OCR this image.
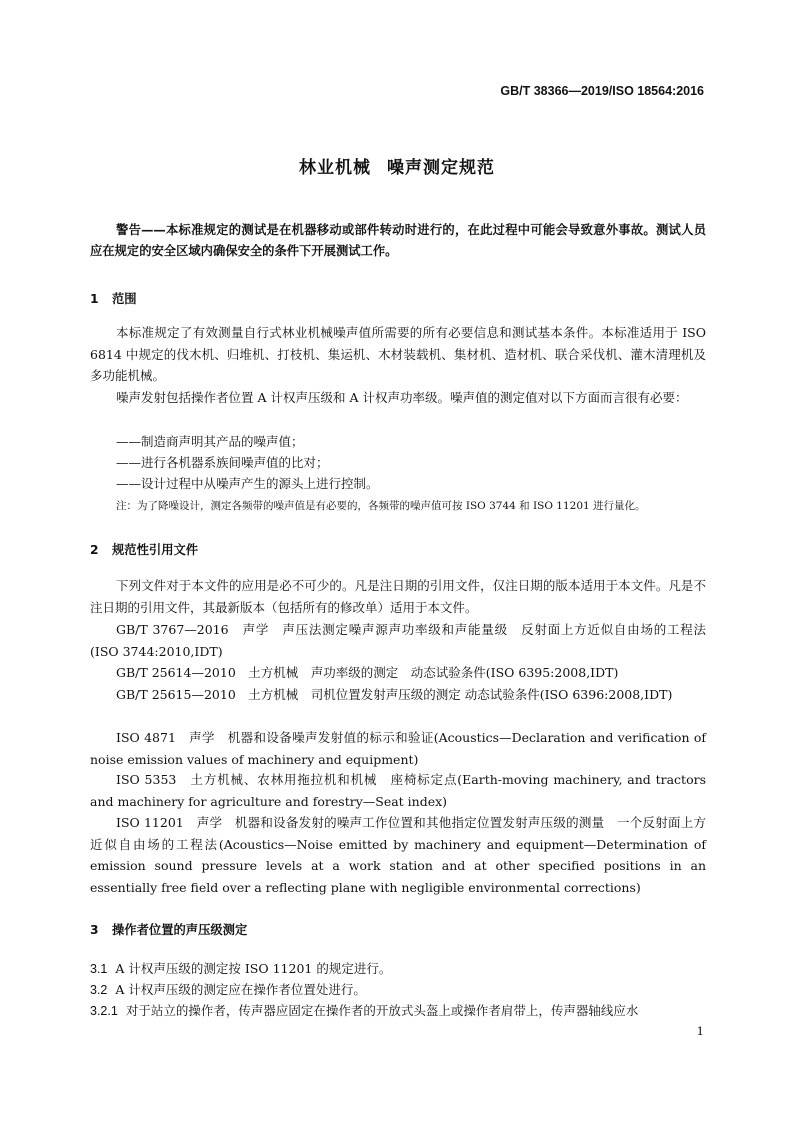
GB/T 38366—2019/ISO 18564:2016
林业机械 噪声测定规范
警告——本标准规定的测试是在机器移动或部件转动时进行的，在此过程中可能会导致意外事故。测试人员应在规定的安全区域内确保安全的条件下开展测试工作。
1 范围
本标准规定了有效测量自行式林业机械噪声值所需要的所有必要信息和测试基本条件。本标准适用于 ISO 6814 中规定的伐木机、归堆机、打枝机、集运机、木材装载机、集材机、造材机、联合采伐机、灌木清理机及多功能机械。
噪声发射包括操作者位置 A 计权声压级和 A 计权声功率级。噪声值的测定值对以下方面而言很有必要：
——制造商声明其产品的噪声值；
——进行各机器系族间噪声值的比对；
——设计过程中从噪声产生的源头上进行控制。
注：为了降噪设计，测定各频带的噪声值是有必要的，各频带的噪声值可按 ISO 3744 和 ISO 11201 进行量化。
2 规范性引用文件
下列文件对于本文件的应用是必不可少的。凡是注日期的引用文件，仅注日期的版本适用于本文件。凡是不注日期的引用文件，其最新版本（包括所有的修改单）适用于本文件。
GB/T 3767—2016　声学　声压法测定噪声源声功率级和声能量级　反射面上方近似自由场的工程法(ISO 3744:2010,IDT)
GB/T 25614—2010　土方机械　声功率级的测定　动态试验条件(ISO 6395:2008,IDT)
GB/T 25615—2010　土方机械　司机位置发射声压级的测定 动态试验条件(ISO 6396:2008,IDT)
ISO 4871　声学　机器和设备噪声发射值的标示和验证(Acoustics—Declaration and verification of noise emission values of machinery and equipment)
ISO 5353　土方机械、农林用拖拉机和机械　座椅标定点(Earth-moving machinery, and tractors and machinery for agriculture and forestry—Seat index)
ISO 11201　声学　机器和设备发射的噪声工作位置和其他指定位置发射声压级的测量　一个反射面上方近似自由场的工程法(Acoustics—Noise emitted by machinery and equipment—Determination of emission sound pressure levels at a work station and at other specified positions in an essentially free field over a reflecting plane with negligible environmental corrections)
3 操作者位置的声压级测定
3.1 A 计权声压级的测定按 ISO 11201 的规定进行。
3.2 A 计权声压级的测定应在操作者位置处进行。
3.2.1 对于站立的操作者，传声器应固定在操作者的开放式头盔上或操作者肩带上，传声器轴线应水
1
